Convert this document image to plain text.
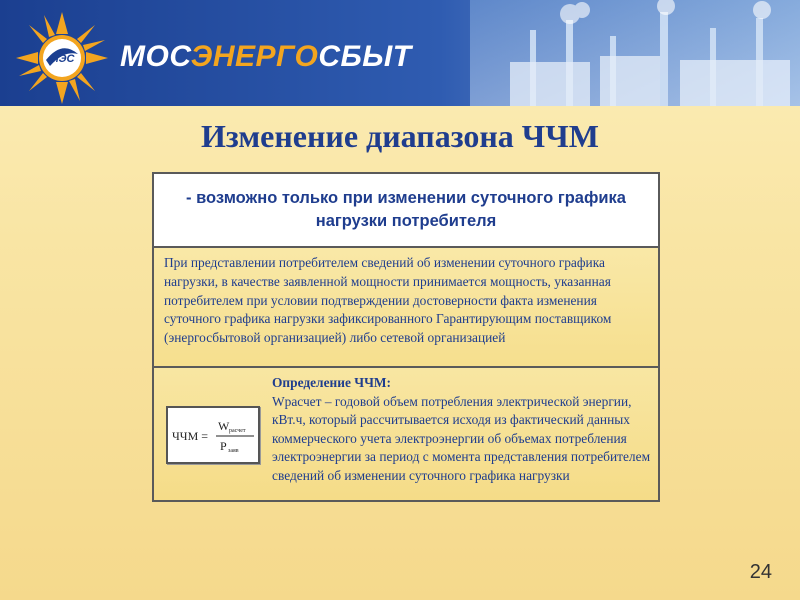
МЭС МОСЭНЕРГОСБЫТ
Изменение диапазона ЧЧМ
- возможно только при изменении суточного графика нагрузки потребителя
При представлении потребителем сведений об изменении суточного графика нагрузки, в качестве заявленной мощности принимается мощность, указанная потребителем при условии подтверждении достоверности факта изменения суточного графика нагрузки зафиксированного Гарантирующим поставщиком (энергосбытовой организацией) либо сетевой организацией
ЧЧМ =
W расчет
P заяв
Определение ЧЧМ:
Wрасчет – годовой объем потребления электрической энергии, кВт.ч, который рассчитывается исходя из фактический данных коммерческого учета электроэнергии об объемах потребления электроэнергии за период с момента представления потребителем сведений об изменении суточного графика нагрузки

24
